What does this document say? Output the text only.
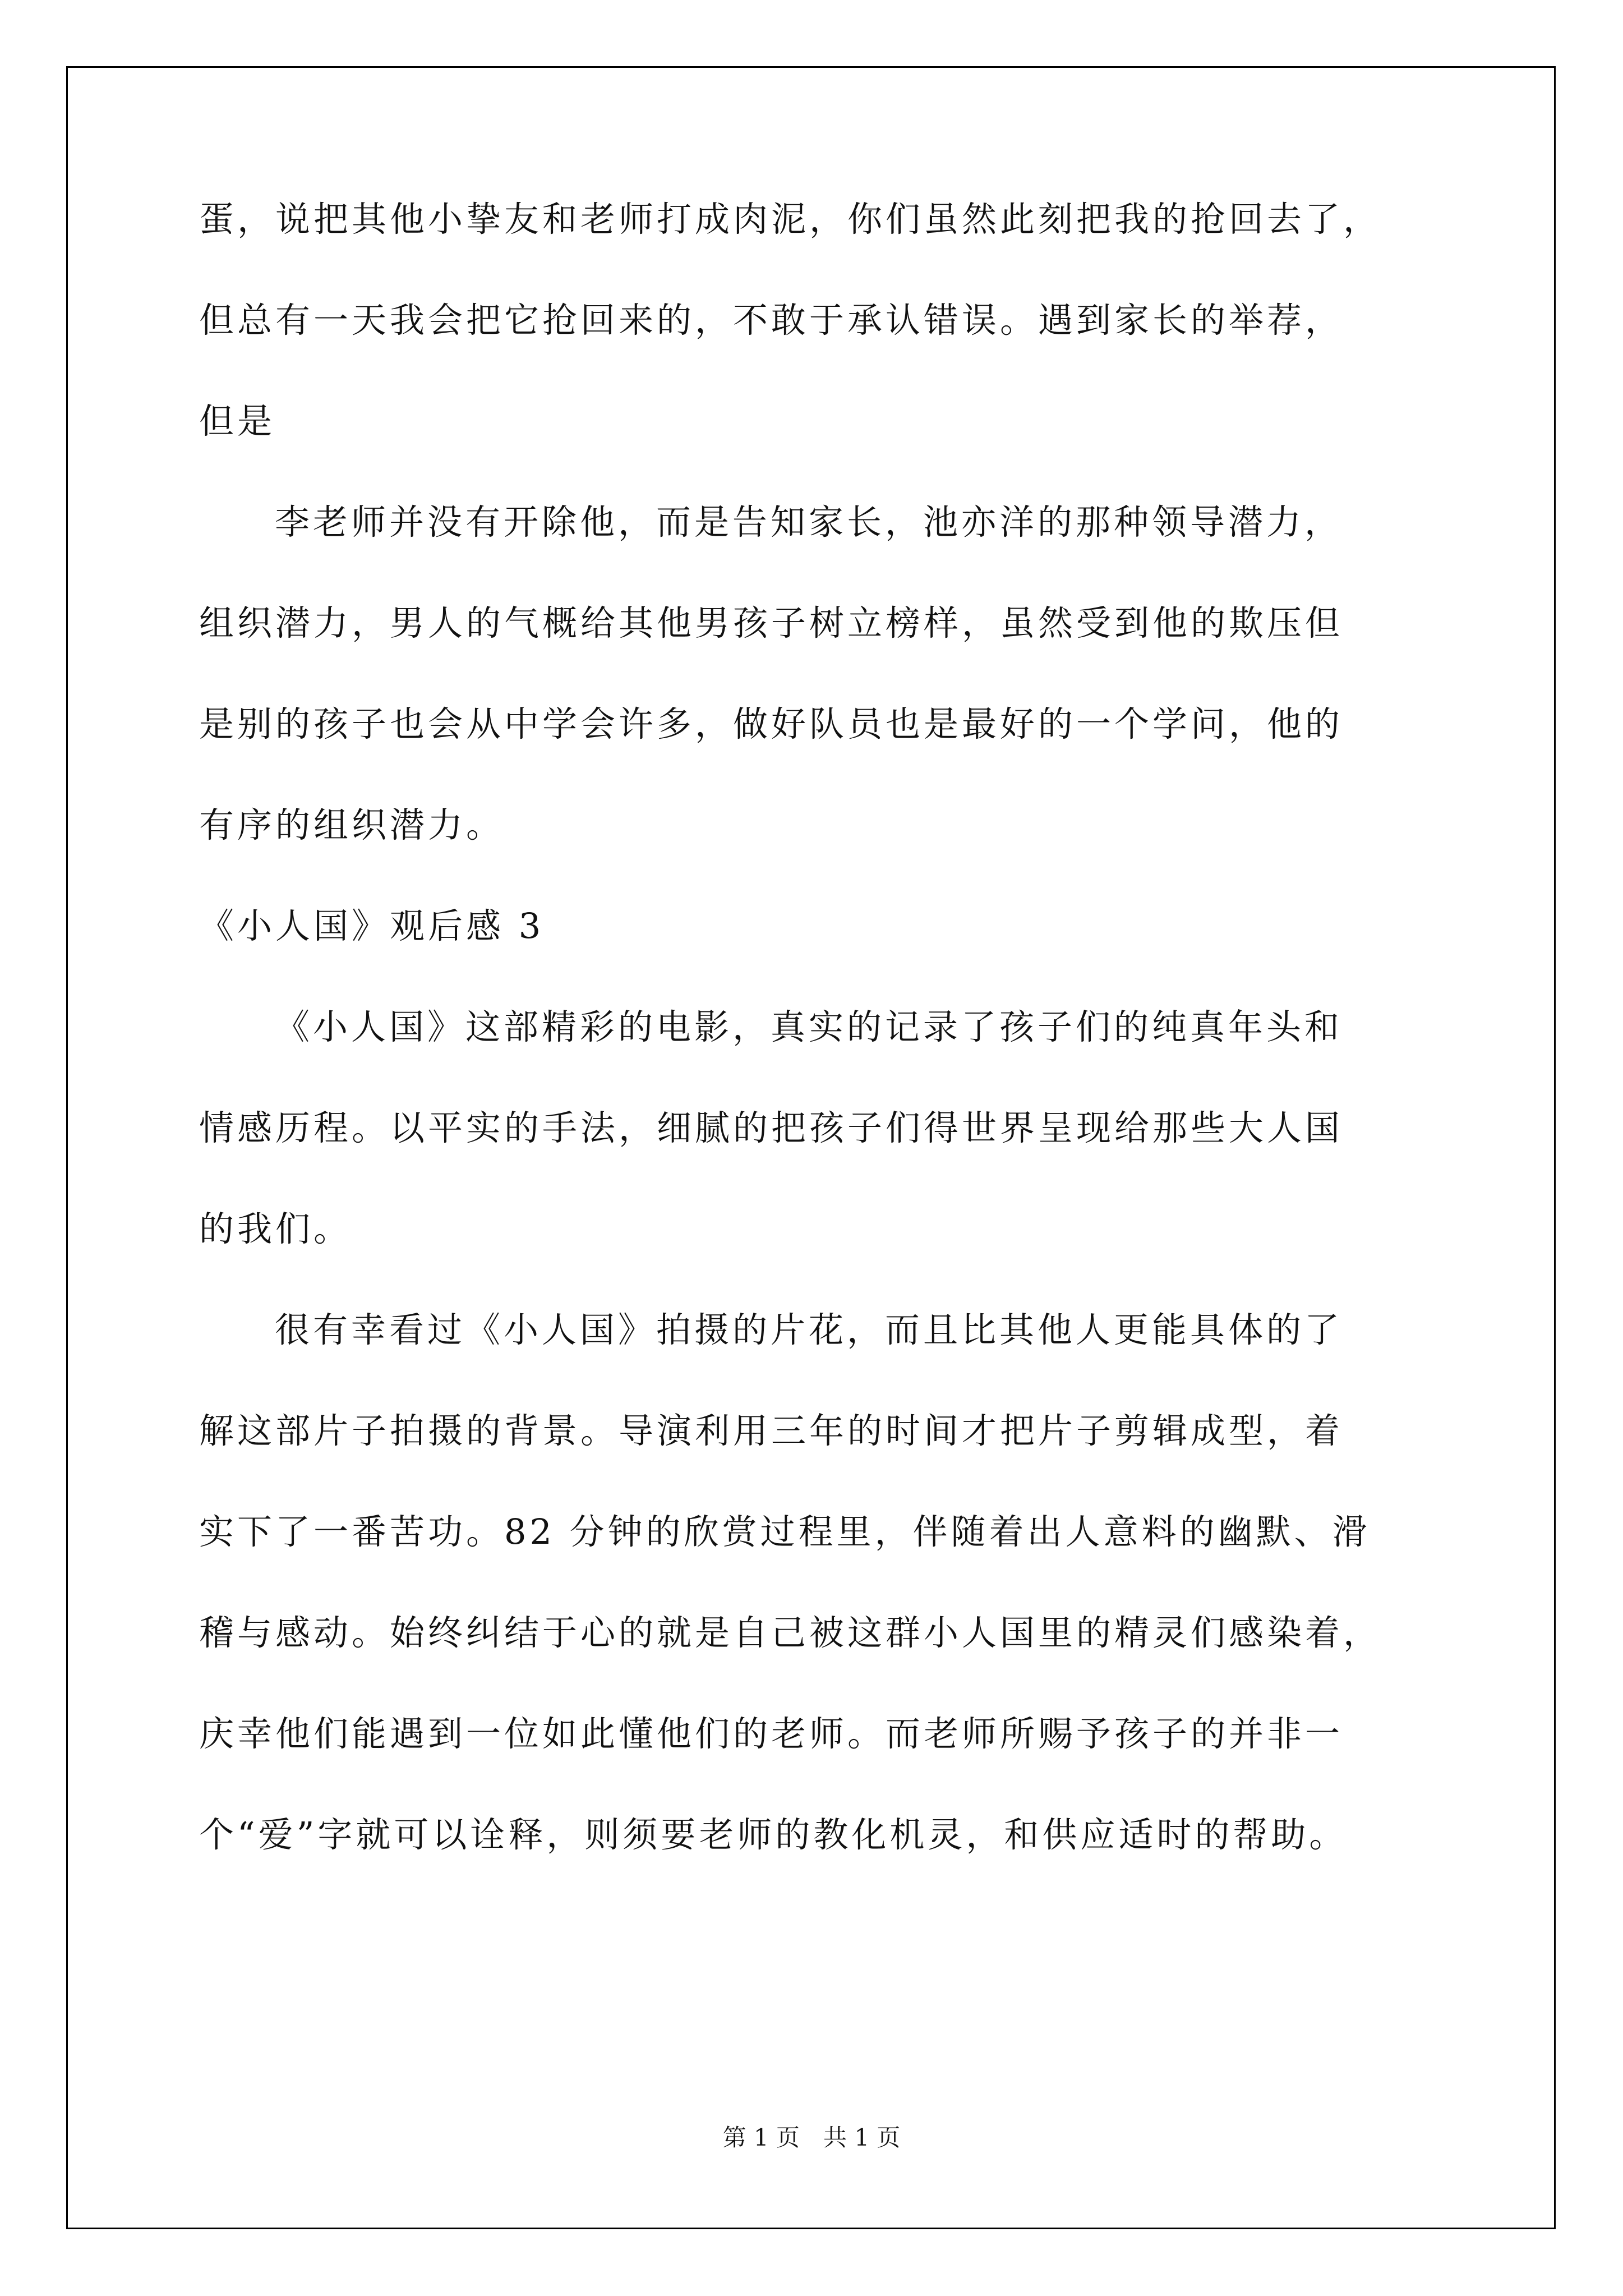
蛋，说把其他小挚友和老师打成肉泥，你们虽然此刻把我的抢回去了，
但总有一天我会把它抢回来的，不敢于承认错误。遇到家长的举荐，
但是
李老师并没有开除他，而是告知家长，池亦洋的那种领导潜力，
组织潜力，男人的气概给其他男孩子树立榜样，虽然受到他的欺压但
是别的孩子也会从中学会许多，做好队员也是最好的一个学问，他的
有序的组织潜力。
《小人国》观后感 3
《小人国》这部精彩的电影，真实的记录了孩子们的纯真年头和
情感历程。以平实的手法，细腻的把孩子们得世界呈现给那些大人国
的我们。
很有幸看过《小人国》拍摄的片花，而且比其他人更能具体的了
解这部片子拍摄的背景。导演利用三年的时间才把片子剪辑成型，着
实下了一番苦功。82 分钟的欣赏过程里，伴随着出人意料的幽默、滑
稽与感动。始终纠结于心的就是自己被这群小人国里的精灵们感染着，
庆幸他们能遇到一位如此懂他们的老师。而老师所赐予孩子的并非一
个“爱”字就可以诠释，则须要老师的教化机灵，和供应适时的帮助。
第 1 页　共 1 页
